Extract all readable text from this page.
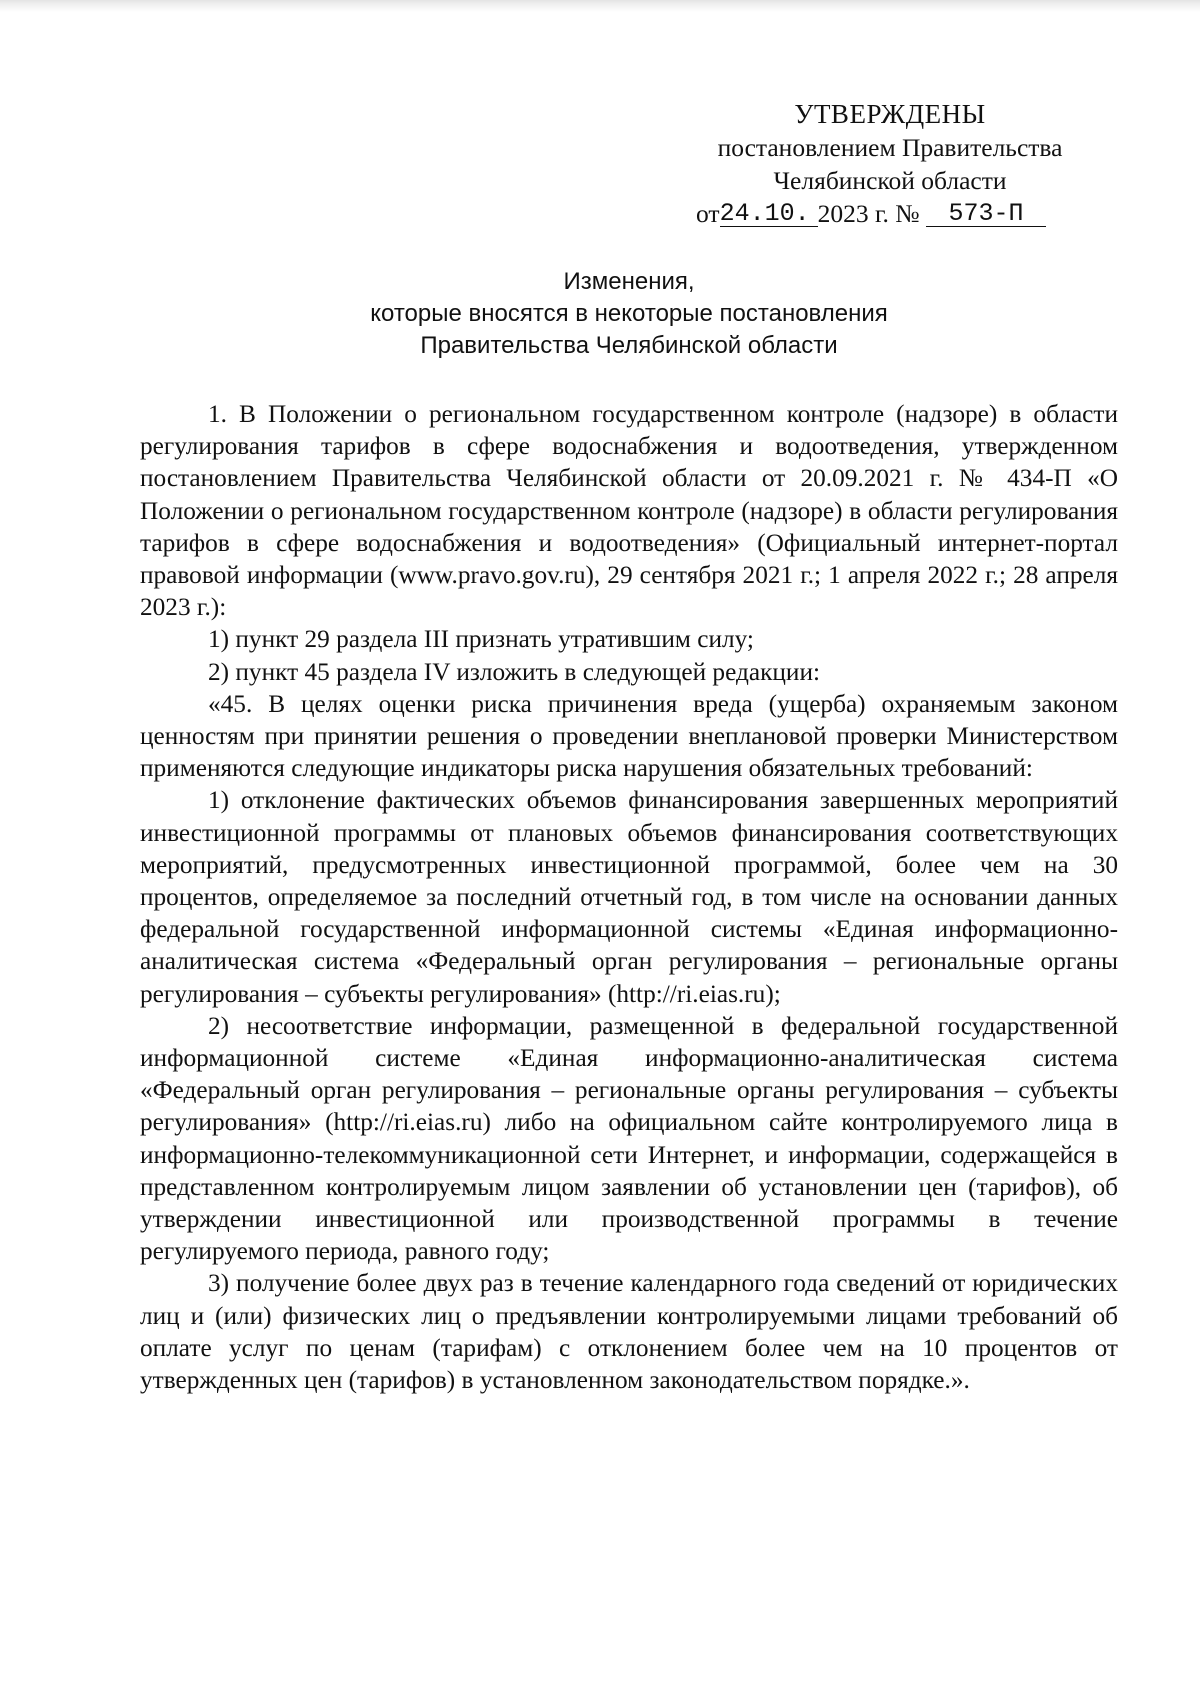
УТВЕРЖДЕНЫ
постановлением Правительства
Челябинской области
от24.10. 2023 г. № 573-П
Изменения,
которые вносятся в некоторые постановления
Правительства Челябинской области

1. В Положении о региональном государственном контроле (надзоре) в области регулирования тарифов в сфере водоснабжения и водоотведения, утвержденном постановлением Правительства Челябинской области от 20.09.2021 г. № 434-П «О Положении о региональном государственном контроле (надзоре) в области регулирования тарифов в сфере водоснабжения и водоотведения» (Официальный интернет-портал правовой информации (www.pravo.gov.ru), 29 сентября 2021 г.; 1 апреля 2022 г.; 28 апреля 2023 г.):

1) пункт 29 раздела III признать утратившим силу;

2) пункт 45 раздела IV изложить в следующей редакции:

«45. В целях оценки риска причинения вреда (ущерба) охраняемым законом ценностям при принятии решения о проведении внеплановой проверки Министерством применяются следующие индикаторы риска нарушения обязательных требований:

1) отклонение фактических объемов финансирования завершенных мероприятий инвестиционной программы от плановых объемов финансирования соответствующих мероприятий, предусмотренных инвестиционной программой, более чем на 30 процентов, определяемое за последний отчетный год, в том числе на основании данных федеральной государственной информационной системы «Единая информационно-аналитическая система «Федеральный орган регулирования – региональные органы регулирования – субъекты регулирования» (http://ri.eias.ru);

2) несоответствие информации, размещенной в федеральной государственной информационной системе «Единая информационно-аналитическая система «Федеральный орган регулирования – региональные органы регулирования – субъекты регулирования» (http://ri.eias.ru) либо на официальном сайте контролируемого лица в информационно-телекоммуникационной сети Интернет, и информации, содержащейся в представленном контролируемым лицом заявлении об установлении цен (тарифов), об утверждении инвестиционной или производственной программы в течение регулируемого периода, равного году;

3) получение более двух раз в течение календарного года сведений от юридических лиц и (или) физических лиц о предъявлении контролируемыми лицами требований об оплате услуг по ценам (тарифам) с отклонением более чем на 10 процентов от утвержденных цен (тарифов) в установленном законодательством порядке.».
